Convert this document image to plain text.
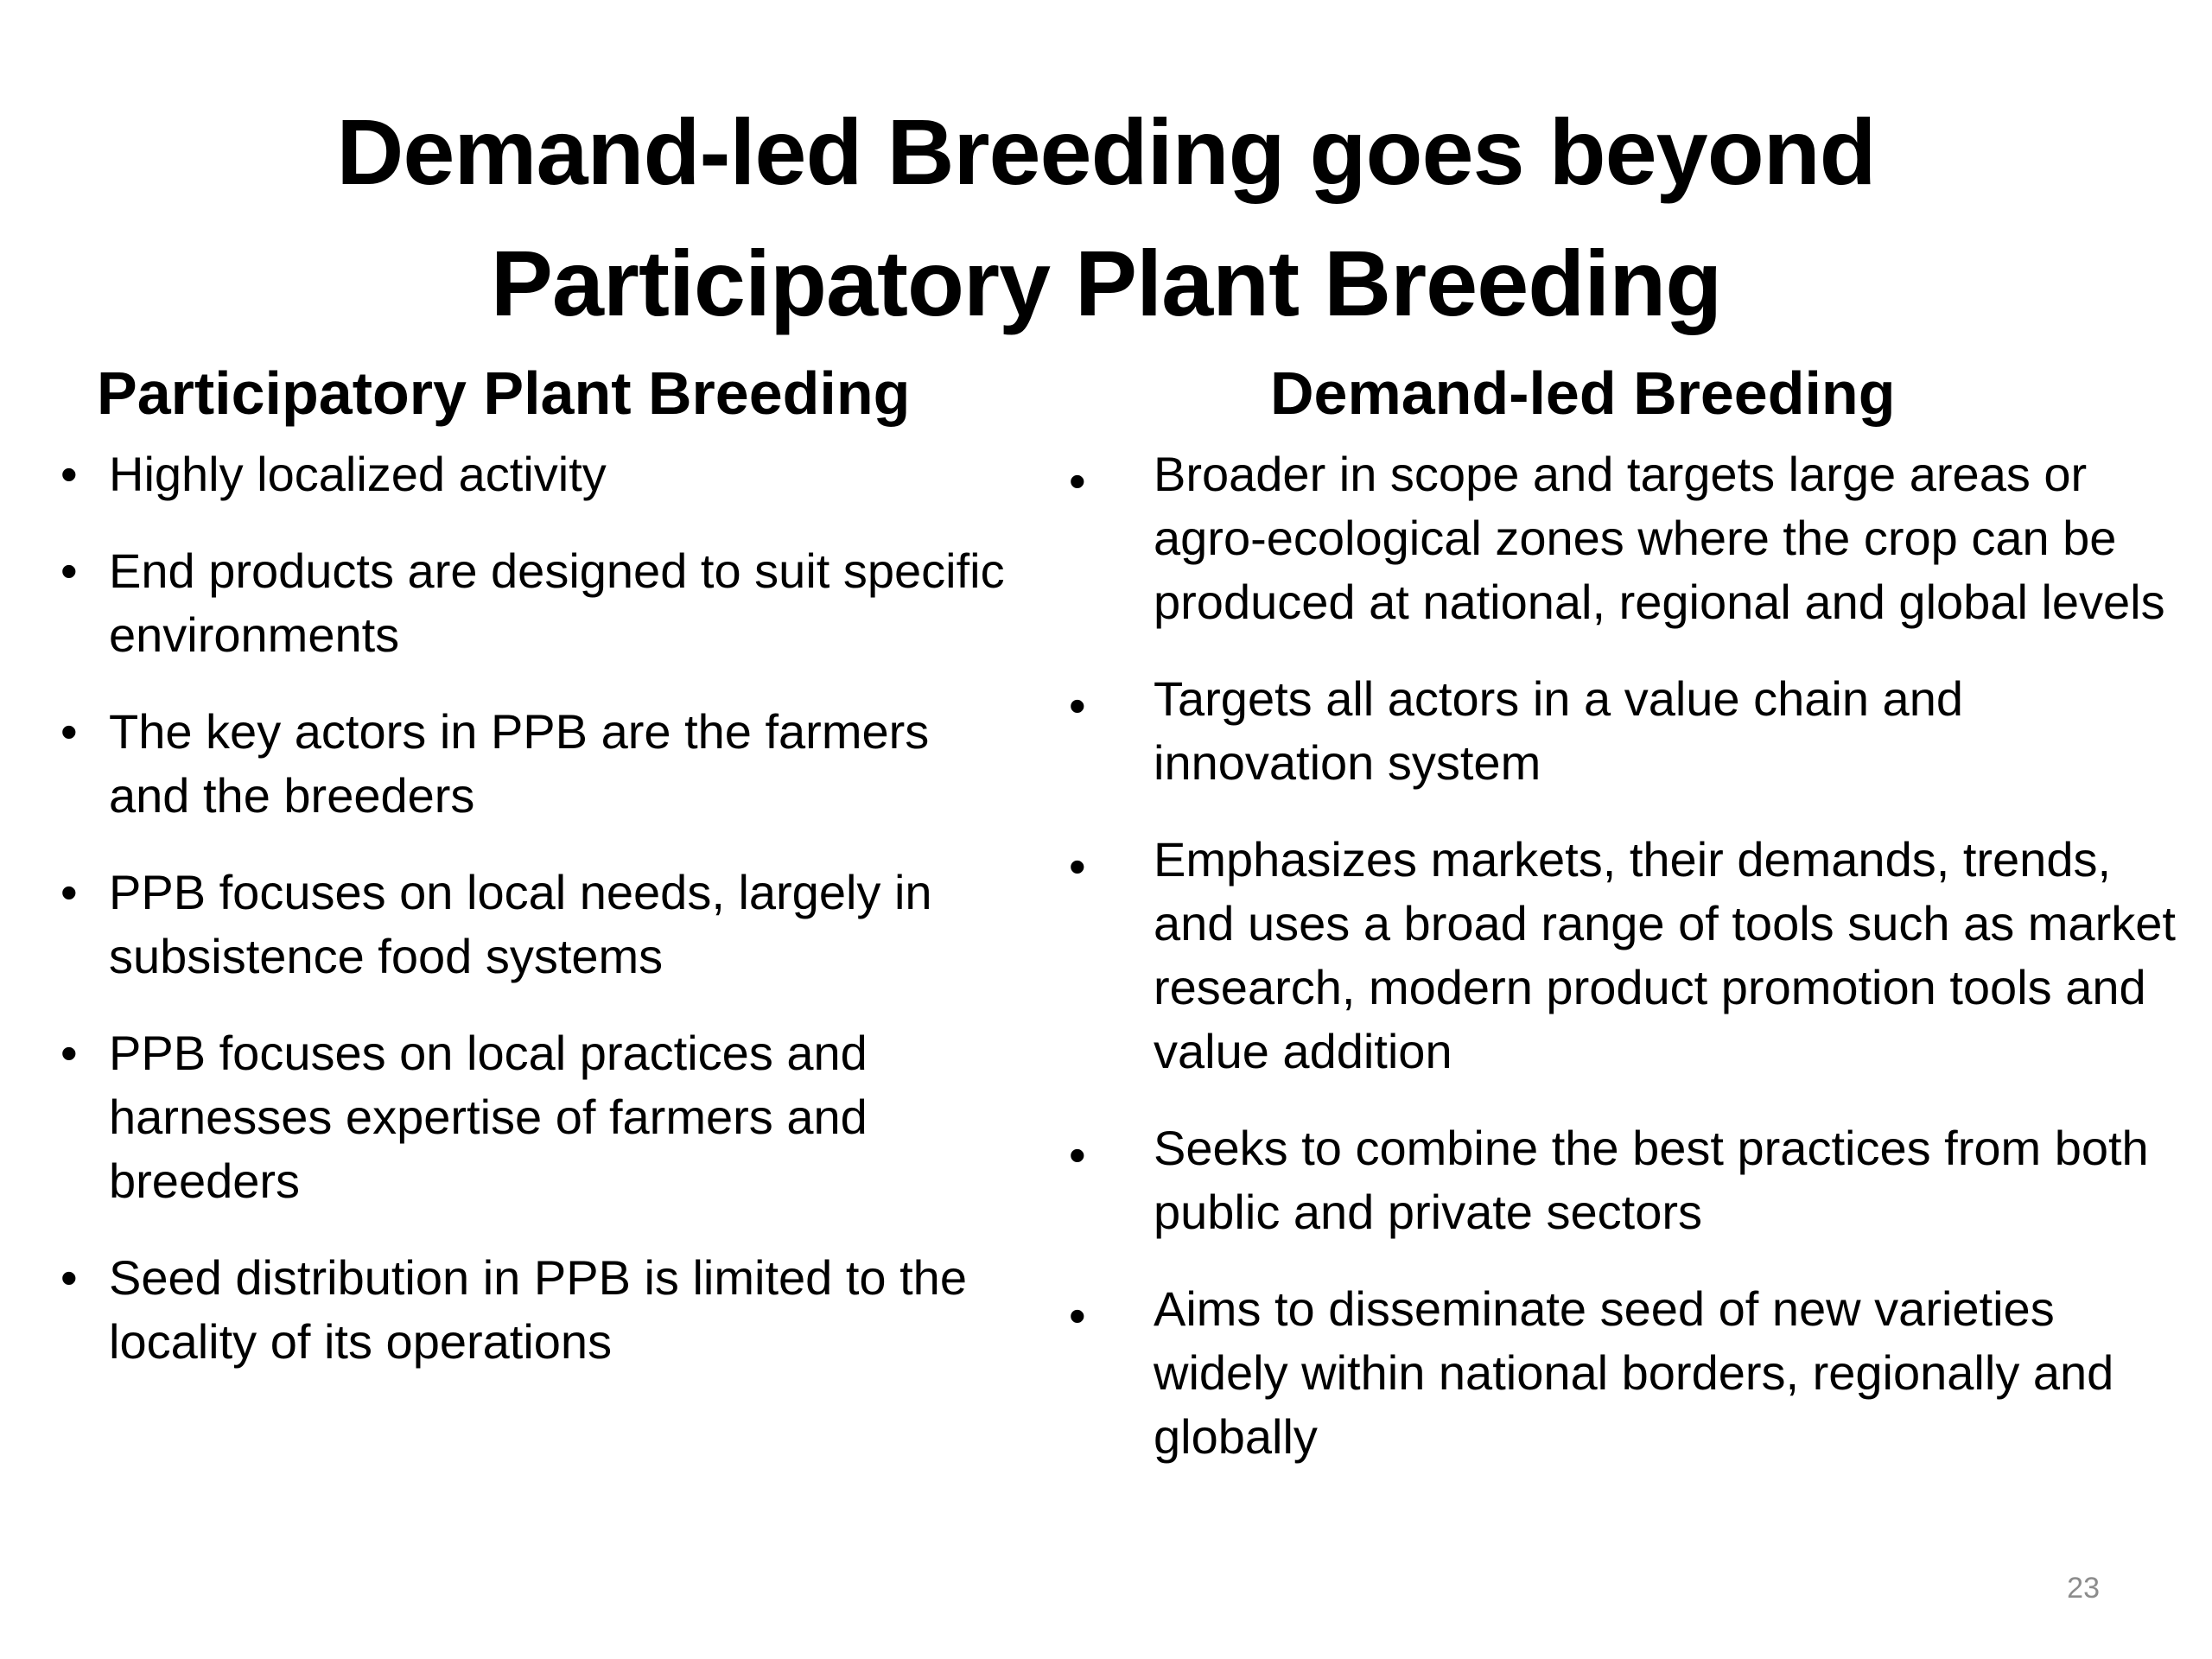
Demand-led Breeding goes beyond
Participatory Plant Breeding
Participatory Plant Breeding	Demand-led Breeding
• Highly localized activity
• End products are designed to suit specific environments
• The key actors in PPB are the farmers and the breeders
• PPB focuses on local needs, largely in subsistence food systems
• PPB focuses on local practices and harnesses expertise of farmers and breeders
• Seed distribution in PPB is limited to the locality of its operations
• Broader in scope and targets large areas or agro-ecological zones where the crop can be produced at national, regional and global levels
• Targets all actors in a value chain and innovation system
• Emphasizes markets, their demands, trends, and uses a broad range of tools such as market research, modern product promotion tools and value addition
• Seeks to combine the best practices from both public and private sectors
• Aims to disseminate seed of new varieties widely within national borders, regionally and globally
23
